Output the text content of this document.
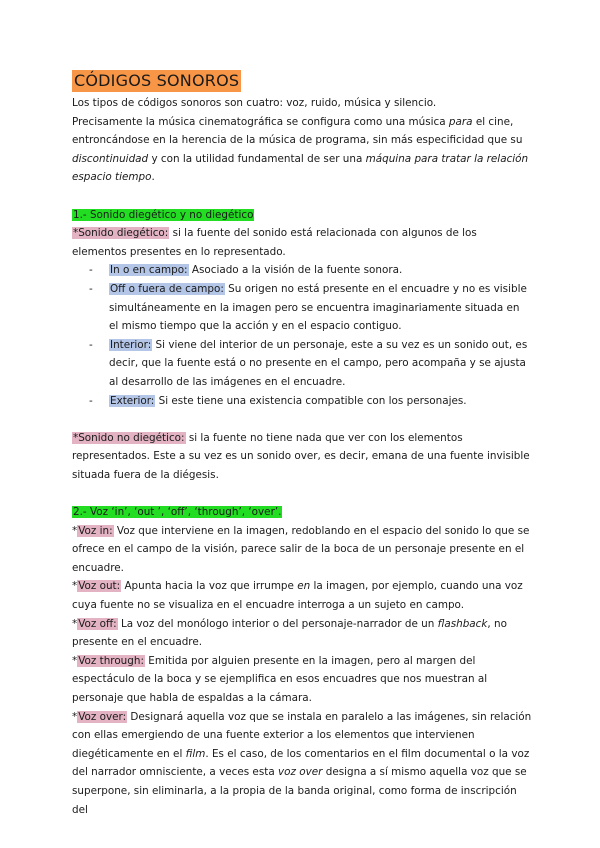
CÓDIGOS SONOROS

Los tipos de códigos sonoros son cuatro: voz, ruido, música y silencio.

Precisamente la música cinematográfica se configura como una música para el cine, entroncándose en la herencia de la música de programa, sin más especificidad que su discontinuidad y con la utilidad fundamental de ser una máquina para tratar la relación espacio tiempo.

1.- Sonido diegético y no diegético

*Sonido diegético: si la fuente del sonido está relacionada con algunos de los elementos presentes en lo representado.

- In o en campo: Asociado a la visión de la fuente sonora.
- Off o fuera de campo: Su origen no está presente en el encuadre y no es visible simultáneamente en la imagen pero se encuentra imaginariamente situada en el mismo tiempo que la acción y en el espacio contiguo.
- Interior: Si viene del interior de un personaje, este a su vez es un sonido out, es decir, que la fuente está o no presente en el campo, pero acompaña y se ajusta al desarrollo de las imágenes en el encuadre.
- Exterior: Si este tiene una existencia compatible con los personajes.

*Sonido no diegético: si la fuente no tiene nada que ver con los elementos representados. Este a su vez es un sonido over, es decir, emana de una fuente invisible situada fuera de la diégesis.

2.- Voz ‘in’, ‘out ’, ‘off’, ‘through’, ‘over’.

*Voz in: Voz que interviene en la imagen, redoblando en el espacio del sonido lo que se ofrece en el campo de la visión, parece salir de la boca de un personaje presente en el encuadre.

*Voz out: Apunta hacia la voz que irrumpe en la imagen, por ejemplo, cuando una voz cuya fuente no se visualiza en el encuadre interroga a un sujeto en campo.

*Voz off: La voz del monólogo interior o del personaje-narrador de un flashback, no presente en el encuadre.

*Voz through: Emitida por alguien presente en la imagen, pero al margen del espectáculo de la boca y se ejemplifica en esos encuadres que nos muestran al personaje que habla de espaldas a la cámara.

*Voz over: Designará aquella voz que se instala en paralelo a las imágenes, sin relación con ellas emergiendo de una fuente exterior a los elementos que intervienen diegéticamente en el film. Es el caso, de los comentarios en el film documental o la voz del narrador omnisciente, a veces esta voz over designa a sí mismo aquella voz que se superpone, sin eliminarla, a la propia de la banda original, como forma de inscripción del
